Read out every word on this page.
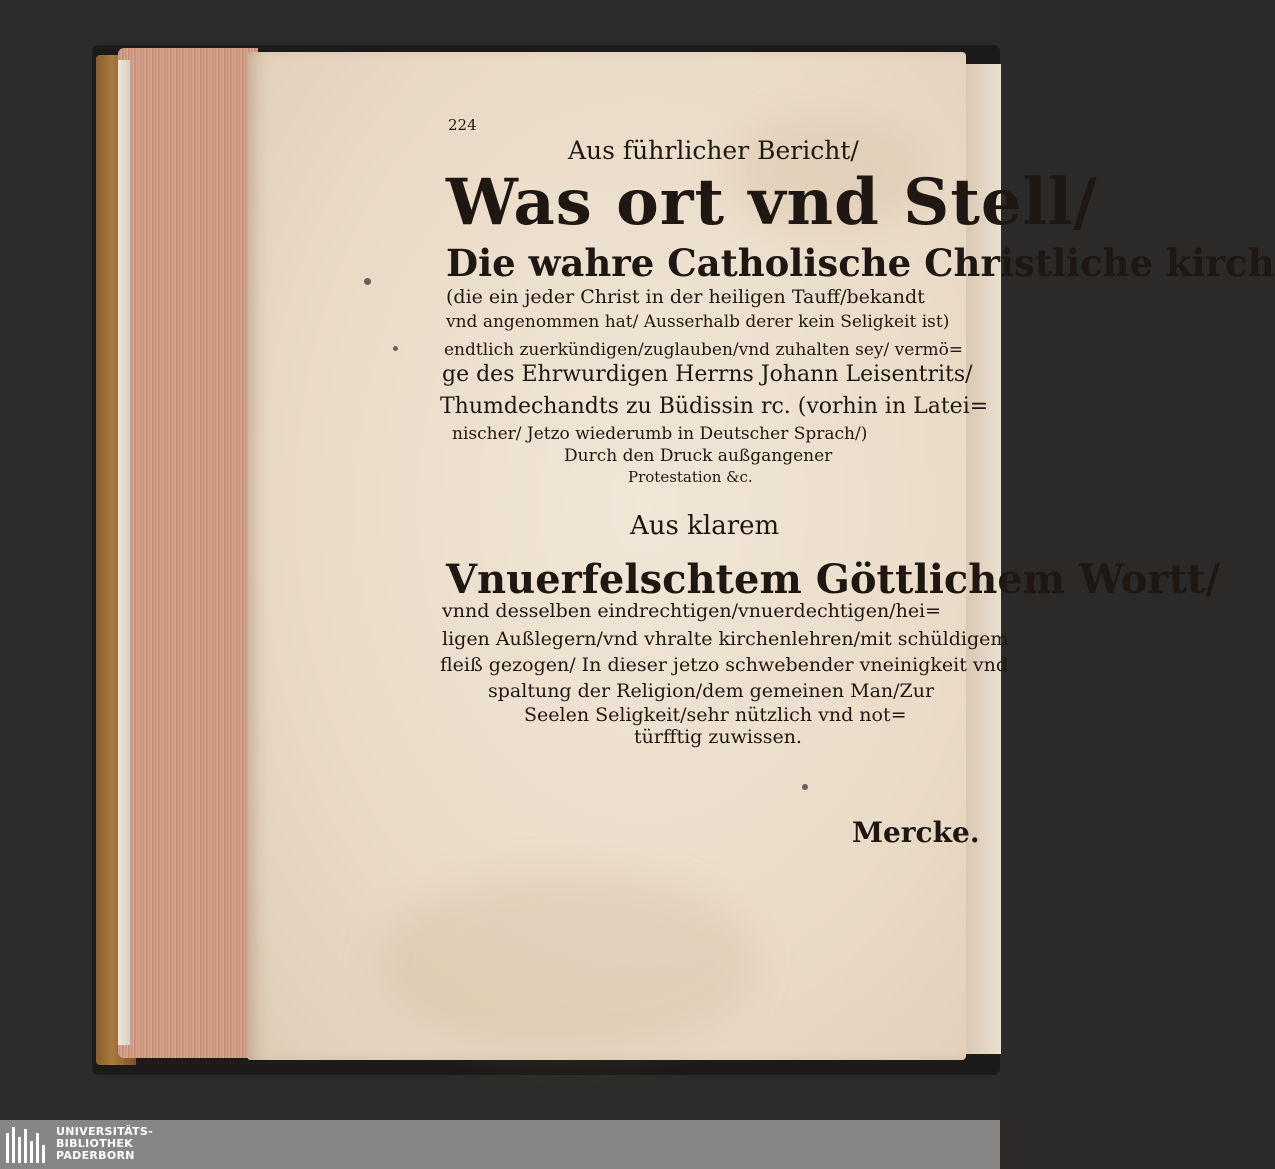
224
Aus führlicher Bericht/
Was ort vnd Stell/
Die wahre Catholische Christliche kirch
(die ein jeder Christ in der heiligen Tauff/bekandt
vnd angenommen hat/ Ausserhalb derer kein Seligkeit ist)
endtlich zuerkündigen/zuglauben/vnd zuhalten sey/ vermö=
ge des Ehrwurdigen Herrns Johann Leisentrits/
Thumdechandts zu Büdissin rc. (vorhin in Latei=
nischer/ Jetzo wiederumb in Deutscher Sprach/)
Durch den Druck außgangener
Protestation &c.
Aus klarem
Vnuerfelschtem Göttlichem Wortt/
vnnd desselben eindrechtigen/vnuerdechtigen/hei=
ligen Außlegern/vnd vhralte kirchenlehren/mit schüldigem
fleiß gezogen/ In dieser jetzo schwebender vneinigkeit vnd
spaltung der Religion/dem gemeinen Man/Zur
Seelen Seligkeit/sehr nützlich vnd not=
türfftig zuwissen.
Mercke.
UNIVERSITÄTS-
BIBLIOTHEK
PADERBORN
